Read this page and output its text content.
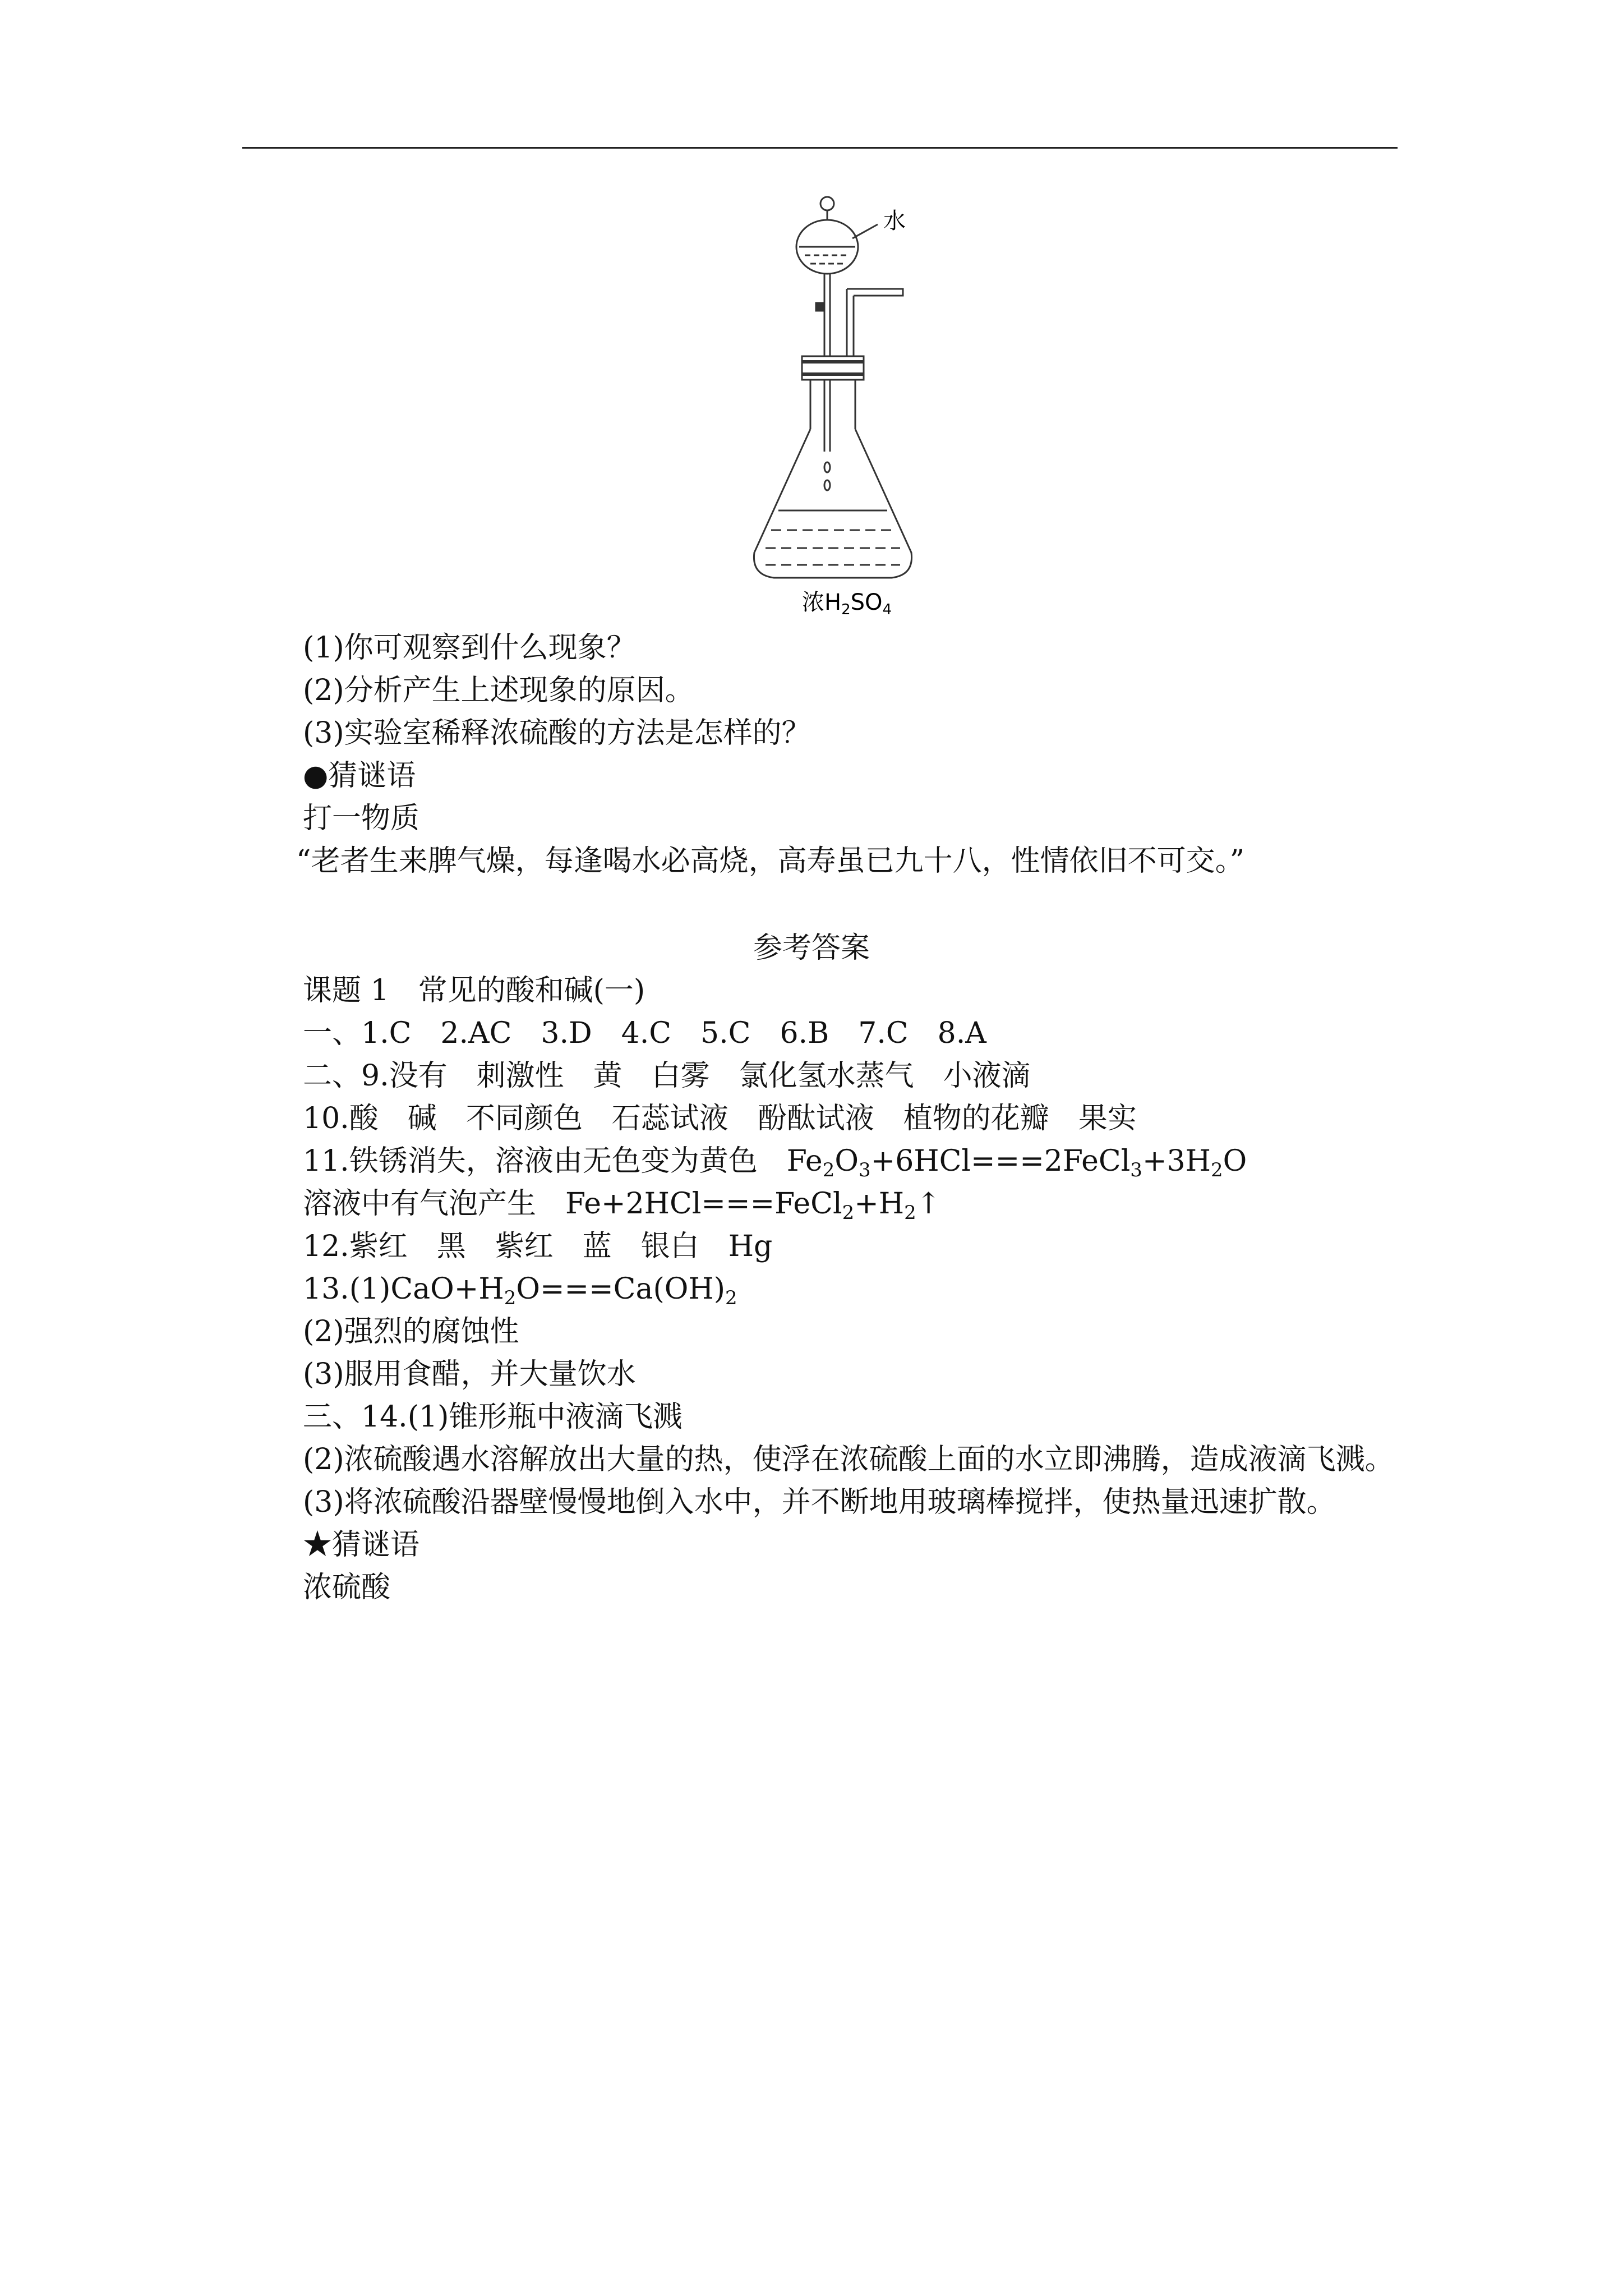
水
浓$H_2SO_4$
(1)你可观察到什么现象？
(2)分析产生上述现象的原因。
(3)实验室稀释浓硫酸的方法是怎样的？
●猜谜语
打一物质
“老者生来脾气燥，每逢喝水必高烧，高寿虽已九十八，性情依旧不可交。”
参考答案
课题 1　常见的酸和碱(一)
一、1.C　2.AC　3.D　4.C　5.C　6.B　7.C　8.A
二、9.没有　刺激性　黄　白雾　氯化氢水蒸气　小液滴
10.酸　碱　不同颜色　石蕊试液　酚酞试液　植物的花瓣　果实
11.铁锈消失，溶液由无色变为黄色　$Fe_2O_3+6HCl===2FeCl_3+3H_2O$
溶液中有气泡产生　$Fe+2HCl===FeCl_2+H_2↑$
12.紫红　黑　紫红　蓝　银白　Hg
$13.(1)CaO+H_2O===Ca(OH)_2$
(2)强烈的腐蚀性
(3)服用食醋，并大量饮水
三、14.(1)锥形瓶中液滴飞溅
(2)浓硫酸遇水溶解放出大量的热，使浮在浓硫酸上面的水立即沸腾，造成液滴飞溅。
(3)将浓硫酸沿器壁慢慢地倒入水中，并不断地用玻璃棒搅拌，使热量迅速扩散。
★猜谜语
浓硫酸
